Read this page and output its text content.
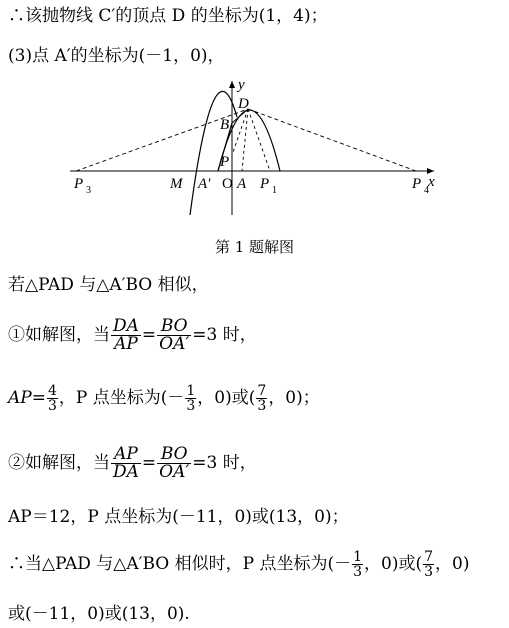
∴该抛物线 C′的顶点 D 的坐标为(1，4)；
(3)点 A′的坐标为(－1，0)，
y
x
D
B
P
P 3	M A′ O A P 1	P 4
第 1 题解图
若△PAD 与△A′BO 相似，
①如解图，当 $\frac{DA}{AP} = \frac{BO}{OA'} =3$ 时，
$AP= \frac{4}{3}$ ，P 点坐标为(－ $\frac{1}{3}$ ，0)或( $\frac{7}{3}$ ，0)；
②如解图，当 $\frac{AP}{DA} = \frac{BO}{OA'} =3$ 时，
AP＝12，P 点坐标为(－11，0)或(13，0)；
∴当△PAD 与△A′BO 相似时，P 点坐标为(－ $\frac{1}{3}$ ，0)或( $\frac{7}{3}$ ，0)
或(－11，0)或(13，0).
